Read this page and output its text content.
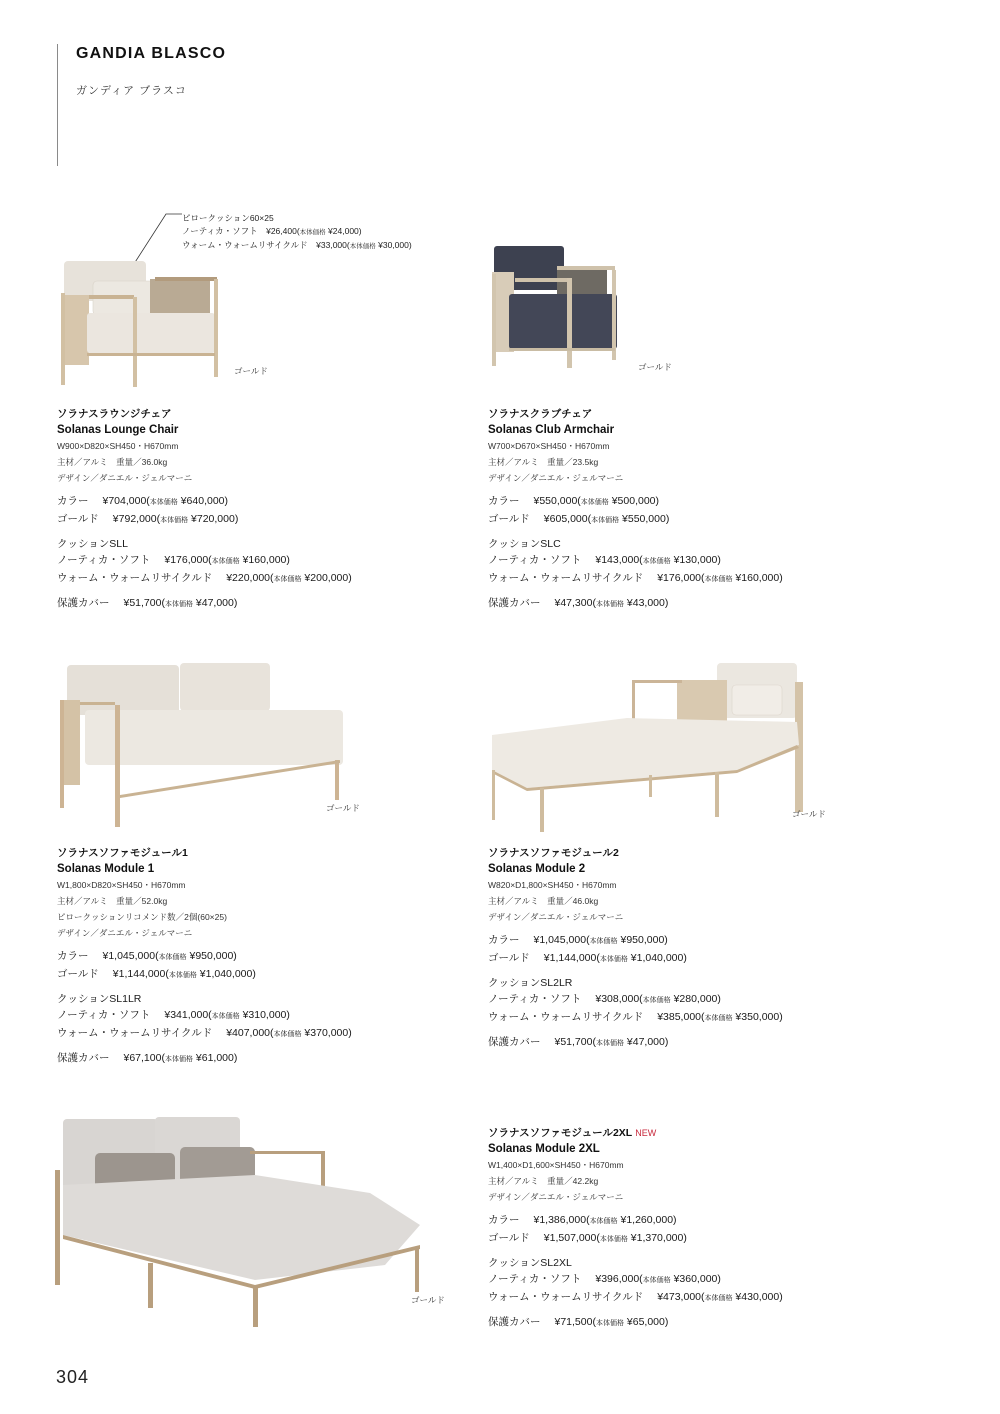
GANDIA BLASCO
ガンディア ブラスコ
ピロークッション60×25
ノーティカ・ソフト　 ¥26,400(本体価格 ¥24,000)
ウォーム・ウォームリサイクルド　 ¥33,000(本体価格 ¥30,000)
ゴールド	ゴールド
ソラナスラウンジチェア
Solanas Lounge Chair
W900×D820×SH450・H670mm
主材／アルミ　重量／36.0kg
デザイン／ダニエル・ジェルマーニ
カラー ¥704,000(本体価格 ¥640,000)
ゴールド ¥792,000(本体価格 ¥720,000)
クッションSLL
ノーティカ・ソフト ¥176,000(本体価格 ¥160,000)
ウォーム・ウォームリサイクルド ¥220,000(本体価格 ¥200,000)
保護カバー ¥51,700(本体価格 ¥47,000)
ソラナスクラブチェア
Solanas Club Armchair
W700×D670×SH450・H670mm
主材／アルミ　重量／23.5kg
デザイン／ダニエル・ジェルマーニ
カラー ¥550,000(本体価格 ¥500,000)
ゴールド ¥605,000(本体価格 ¥550,000)
クッションSLC
ノーティカ・ソフト ¥143,000(本体価格 ¥130,000)
ウォーム・ウォームリサイクルド ¥176,000(本体価格 ¥160,000)
保護カバー ¥47,300(本体価格 ¥43,000)
ゴールド
ゴールド
ソラナスソファモジュール1
Solanas Module 1
W1,800×D820×SH450・H670mm
主材／アルミ　重量／52.0kg
ピロークッションリコメンド数／2個(60×25)
デザイン／ダニエル・ジェルマーニ
カラー ¥1,045,000(本体価格 ¥950,000)
ゴールド ¥1,144,000(本体価格 ¥1,040,000)
クッションSL1LR
ノーティカ・ソフト ¥341,000(本体価格 ¥310,000)
ウォーム・ウォームリサイクルド ¥407,000(本体価格 ¥370,000)
保護カバー ¥67,100(本体価格 ¥61,000)
ソラナスソファモジュール2
Solanas Module 2
W820×D1,800×SH450・H670mm
主材／アルミ　重量／46.0kg
デザイン／ダニエル・ジェルマーニ
カラー ¥1,045,000(本体価格 ¥950,000)
ゴールド ¥1,144,000(本体価格 ¥1,040,000)
クッションSL2LR
ノーティカ・ソフト ¥308,000(本体価格 ¥280,000)
ウォーム・ウォームリサイクルド ¥385,000(本体価格 ¥350,000)
保護カバー ¥51,700(本体価格 ¥47,000)
ゴールド
ソラナスソファモジュール2XL NEW
Solanas Module 2XL
W1,400×D1,600×SH450・H670mm
主材／アルミ　重量／42.2kg
デザイン／ダニエル・ジェルマーニ
カラー ¥1,386,000(本体価格 ¥1,260,000)
ゴールド ¥1,507,000(本体価格 ¥1,370,000)
クッションSL2XL
ノーティカ・ソフト ¥396,000(本体価格 ¥360,000)
ウォーム・ウォームリサイクルド ¥473,000(本体価格 ¥430,000)
保護カバー ¥71,500(本体価格 ¥65,000)
304
